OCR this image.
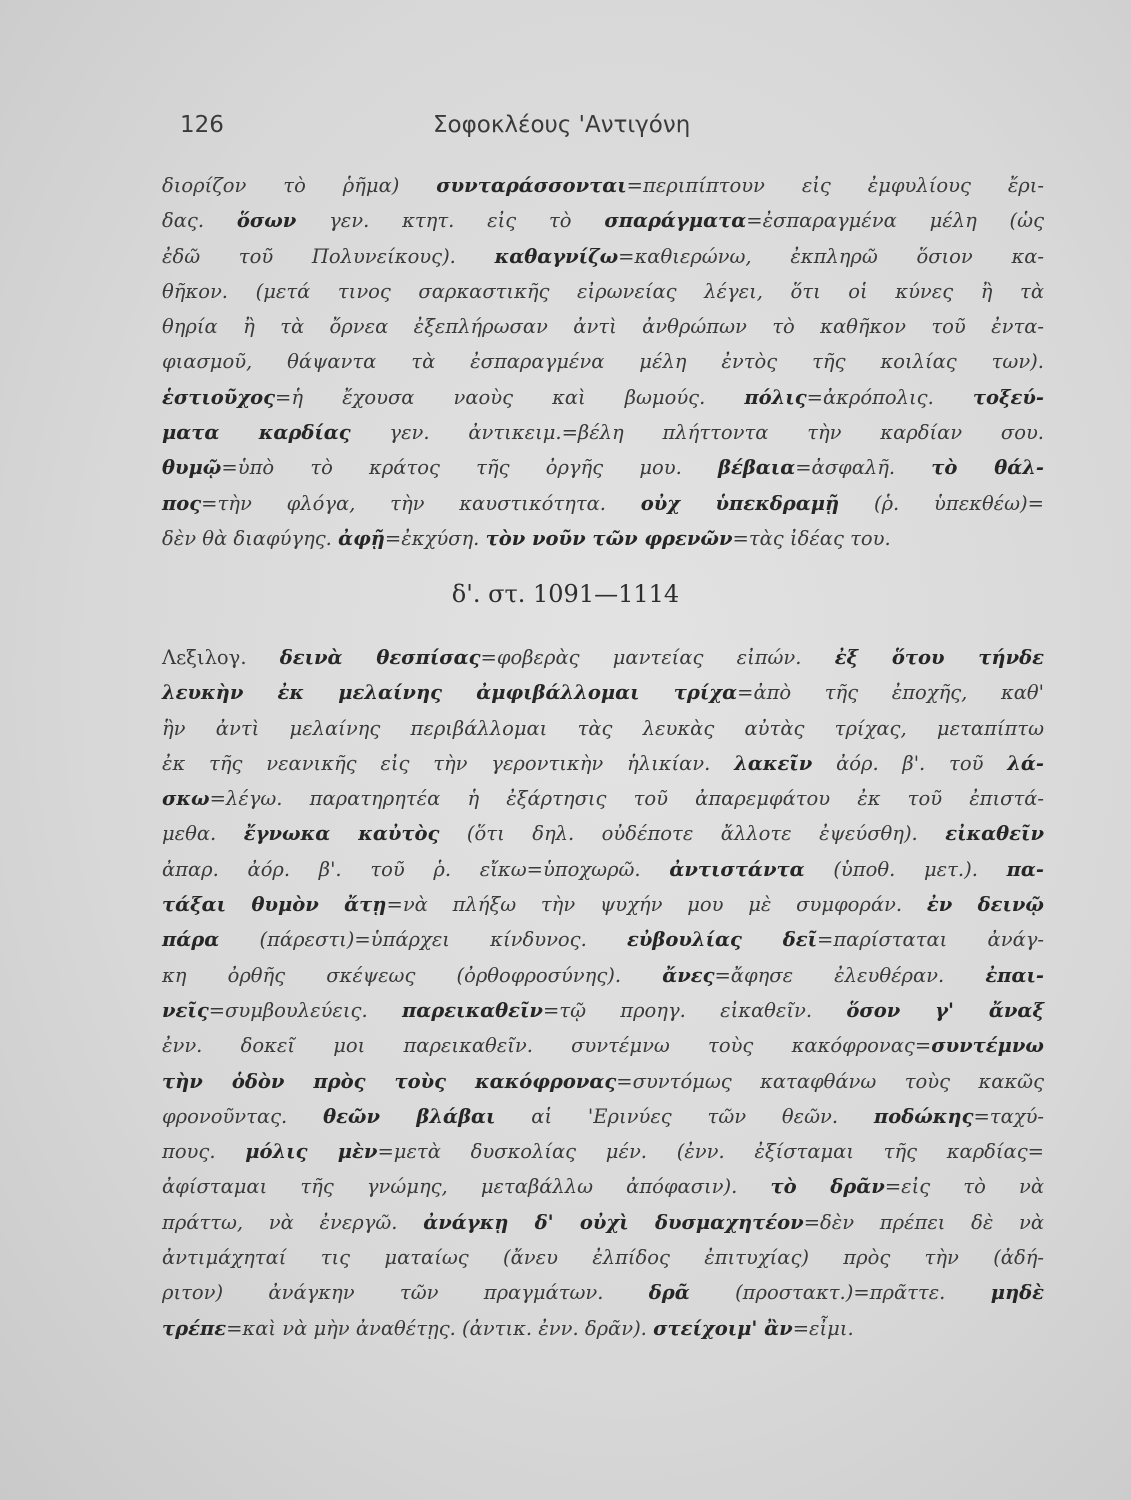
126	Σοφοκλέους 'Αντιγόνη
διορίζον τὸ ῥῆμα) συνταράσσονται=περιπίπτουν εἰς ἐμφυλίους ἔρι-
δας. ὅσων γεν. κτητ. εἰς τὸ σπαράγματα=ἐσπαραγμένα μέλη (ὡς
ἐδῶ τοῦ Πολυνείκους). καθαγνίζω=καθιερώνω, ἐκπληρῶ ὅσιον κα-
θῆκον. (μετά τινος σαρκαστικῆς εἰρωνείας λέγει, ὅτι οἱ κύνες ἢ τὰ
θηρία ἢ τὰ ὄρνεα ἐξεπλήρωσαν ἀντὶ ἀνθρώπων τὸ καθῆκον τοῦ ἐντα-
φιασμοῦ, θάψαντα τὰ ἐσπαραγμένα μέλη ἐντὸς τῆς κοιλίας των).
ἑστιοῦχος=ἡ ἔχουσα ναοὺς καὶ βωμούς. πόλις=ἀκρόπολις. τοξεύ-
ματα καρδίας γεν. ἀντικειμ.=βέλη πλήττοντα τὴν καρδίαν σου.
θυμῷ=ὑπὸ τὸ κράτος τῆς ὀργῆς μου. βέβαια=ἀσφαλῆ. τὸ θάλ-
πος=τὴν φλόγα, τὴν καυστικότητα. οὐχ ὑπεκδραμῇ (ῥ. ὑπεκθέω)=
δὲν θὰ διαφύγης. ἀφῇ=ἐκχύση. τὸν νοῦν τῶν φρενῶν=τὰς ἰδέας του.
δ'. στ. 1091—1114
Λεξιλογ. δεινὰ θεσπίσας=φοβερὰς μαντείας εἰπών. ἐξ ὅτου τήνδε
λευκὴν ἐκ μελαίνης ἀμφιβάλλομαι τρίχα=ἀπὸ τῆς ἐποχῆς, καθ'
ἣν ἀντὶ μελαίνης περιβάλλομαι τὰς λευκὰς αὐτὰς τρίχας, μεταπίπτω
ἐκ τῆς νεανικῆς εἰς τὴν γεροντικὴν ἡλικίαν. λακεῖν ἀόρ. β'. τοῦ λά-
σκω=λέγω. παρατηρητέα ἡ ἐξάρτησις τοῦ ἀπαρεμφάτου ἐκ τοῦ ἐπιστά-
μεθα. ἔγνωκα καὐτὸς (ὅτι δηλ. οὐδέποτε ἄλλοτε ἐψεύσθη). εἰκαθεῖν
ἀπαρ. ἀόρ. β'. τοῦ ῥ. εἴκω=ὑποχωρῶ. ἀντιστάντα (ὑποθ. μετ.). πα-
τάξαι θυμὸν ἄτῃ=νὰ πλήξω τὴν ψυχήν μου μὲ συμφοράν. ἐν δεινῷ
πάρα (πάρεστι)=ὑπάρχει κίνδυνος. εὐβουλίας δεῖ=παρίσταται ἀνάγ-
κη ὀρθῆς σκέψεως (ὀρθοφροσύνης). ἄνες=ἄφησε ἐλευθέραν. ἐπαι-
νεῖς=συμβουλεύεις. παρεικαθεῖν=τῷ προηγ. εἰκαθεῖν. ὅσον γ' ἄναξ
ἐνν. δοκεῖ μοι παρεικαθεῖν. συντέμνω τοὺς κακόφρονας=συντέμνω
τὴν ὁδὸν πρὸς τοὺς κακόφρονας=συντόμως καταφθάνω τοὺς κακῶς
φρονοῦντας. θεῶν βλάβαι αἱ 'Ερινύες τῶν θεῶν. ποδώκης=ταχύ-
πους. μόλις μὲν=μετὰ δυσκολίας μέν. (ἐνν. ἐξίσταμαι τῆς καρδίας=
ἀφίσταμαι τῆς γνώμης, μεταβάλλω ἀπόφασιν). τὸ δρᾶν=εἰς τὸ νὰ
πράττω, νὰ ἐνεργῶ. ἀνάγκῃ δ' οὐχὶ δυσμαχητέον=δὲν πρέπει δὲ νὰ
ἀντιμάχηταί τις ματαίως (ἄνευ ἐλπίδος ἐπιτυχίας) πρὸς τὴν (ἀδή-
ριτον) ἀνάγκην τῶν πραγμάτων. δρᾶ (προστακτ.)=πρᾶττε. μηδὲ
τρέπε=καὶ νὰ μὴν ἀναθέτῃς. (ἀντικ. ἐνν. δρᾶν). στείχοιμ' ἂν=εἶμι.
